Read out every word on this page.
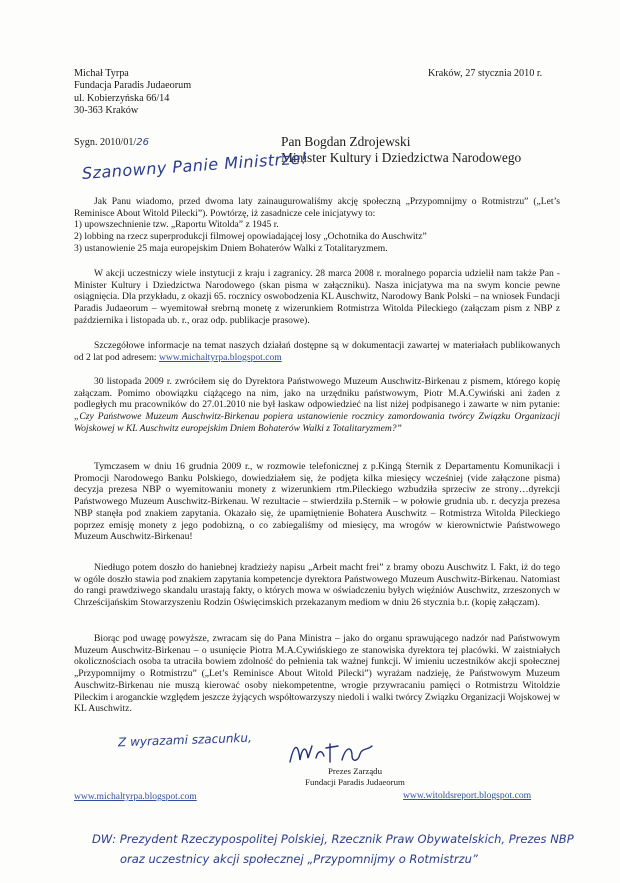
Michał Tyrpa
Fundacja Paradis Judaeorum
ul. Kobierzyńska 66/14
30-363 Kraków
Kraków, 27 stycznia 2010 r.
Sygn. 2010/01/26	Pan Bogdan Zdrojewski
Minister Kultury i Dziedzictwa Narodowego
Szanowny Panie Ministrze!

Jak Panu wiadomo, przed dwoma laty zainaugurowaliśmy akcję społeczną „Przypomnijmy o Rotmistrzu” („Let’s Reminisce About Witold Pilecki”). Powtórzę, iż zasadnicze cele inicjatywy to:

1) upowszechnienie tzw. „Raportu Witolda” z 1945 r.

2) lobbing na rzecz superprodukcji filmowej opowiadającej losy „Ochotnika do Auschwitz”

3) ustanowienie 25 maja europejskim Dniem Bohaterów Walki z Totalitaryzmem.

W akcji uczestniczy wiele instytucji z kraju i zagranicy. 28 marca 2008 r. moralnego poparcia udzielił nam także Pan - Minister Kultury i Dziedzictwa Narodowego (skan pisma w załączniku). Nasza inicjatywa ma na swym koncie pewne osiągnięcia. Dla przykładu, z okazji 65. rocznicy oswobodzenia KL Auschwitz, Narodowy Bank Polski – na wniosek Fundacji Paradis Judaeorum – wyemitował srebrną monetę z wizerunkiem Rotmistrza Witolda Pileckiego (załączam pism z NBP z października i listopada ub. r., oraz odp. publikacje prasowe).

Szczegółowe informacje na temat naszych działań dostępne są w dokumentacji zawartej w materiałach publikowanych od 2 lat pod adresem: www.michaltyrpa.blogspot.com

30 listopada 2009 r. zwróciłem się do Dyrektora Państwowego Muzeum Auschwitz-Birkenau z pismem, którego kopię załączam. Pomimo obowiązku ciążącego na nim, jako na urzędniku państwowym, Piotr M.A.Cywiński ani żaden z podległych mu pracowników do 27.01.2010 nie był łaskaw odpowiedzieć na list niżej podpisanego i zawarte w nim pytanie: „Czy Państwowe Muzeum Auschwitz-Birkenau popiera ustanowienie rocznicy zamordowania twórcy Związku Organizacji Wojskowej w KL Auschwitz europejskim Dniem Bohaterów Walki z Totalitaryzmem?”

Tymczasem w dniu 16 grudnia 2009 r., w rozmowie telefonicznej z p.Kingą Sternik z Departamentu Komunikacji i Promocji Narodowego Banku Polskiego, dowiedziałem się, że podjęta kilka miesięcy wcześniej (vide załączone pisma) decyzja prezesa NBP o wyemitowaniu monety z wizerunkiem rtm.Pileckiego wzbudziła sprzeciw ze strony…dyrekcji Państwowego Muzeum Auschwitz-Birkenau. W rezultacie – stwierdziła p.Sternik – w połowie grudnia ub. r. decyzja prezesa NBP stanęła pod znakiem zapytania. Okazało się, że upamiętnienie Bohatera Auschwitz – Rotmistrza Witolda Pileckiego poprzez emisję monety z jego podobizną, o co zabiegaliśmy od miesięcy, ma wrogów w kierownictwie Państwowego Muzeum Auschwitz-Birkenau!

Niedługo potem doszło do haniebnej kradzieży napisu „Arbeit macht frei” z bramy obozu Auschwitz I. Fakt, iż do tego w ogóle doszło stawia pod znakiem zapytania kompetencje dyrektora Państwowego Muzeum Auschwitz-Birkenau. Natomiast do rangi prawdziwego skandalu urastają fakty, o których mowa w oświadczeniu byłych więźniów Auschwitz, zrzeszonych w Chrześcijańskim Stowarzyszeniu Rodzin Oświęcimskich przekazanym mediom w dniu 26 stycznia b.r. (kopię załączam).

Biorąc pod uwagę powyższe, zwracam się do Pana Ministra – jako do organu sprawującego nadzór nad Państwowym Muzeum Auschwitz-Birkenau – o usunięcie Piotra M.A.Cywińskiego ze stanowiska dyrektora tej placówki. W zaistniałych okolicznościach osoba ta utraciła bowiem zdolność do pełnienia tak ważnej funkcji. W imieniu uczestników akcji społecznej „Przypomnijmy o Rotmistrzu” („Let’s Reminisce About Witold Pilecki”) wyrażam nadzieję, że Państwowym Muzeum Auschwitz-Birkenau nie muszą kierować osoby niekompetentne, wrogie przywracaniu pamięci o Rotmistrzu Witoldzie Pileckim i aroganckie względem jeszcze żyjących współtowarzyszy niedoli i walki twórcy Związku Organizacji Wojskowej w KL Auschwitz.

Z wyrazami szacunku,
Prezes Zarządu
Fundacji Paradis Judaeorum
www.michaltyrpa.blogspot.com	www.witoldsreport.blogspot.com
DW: Prezydent Rzeczypospolitej Polskiej, Rzecznik Praw Obywatelskich, Prezes NBP
oraz uczestnicy akcji społecznej „Przypomnijmy o Rotmistrzu”
